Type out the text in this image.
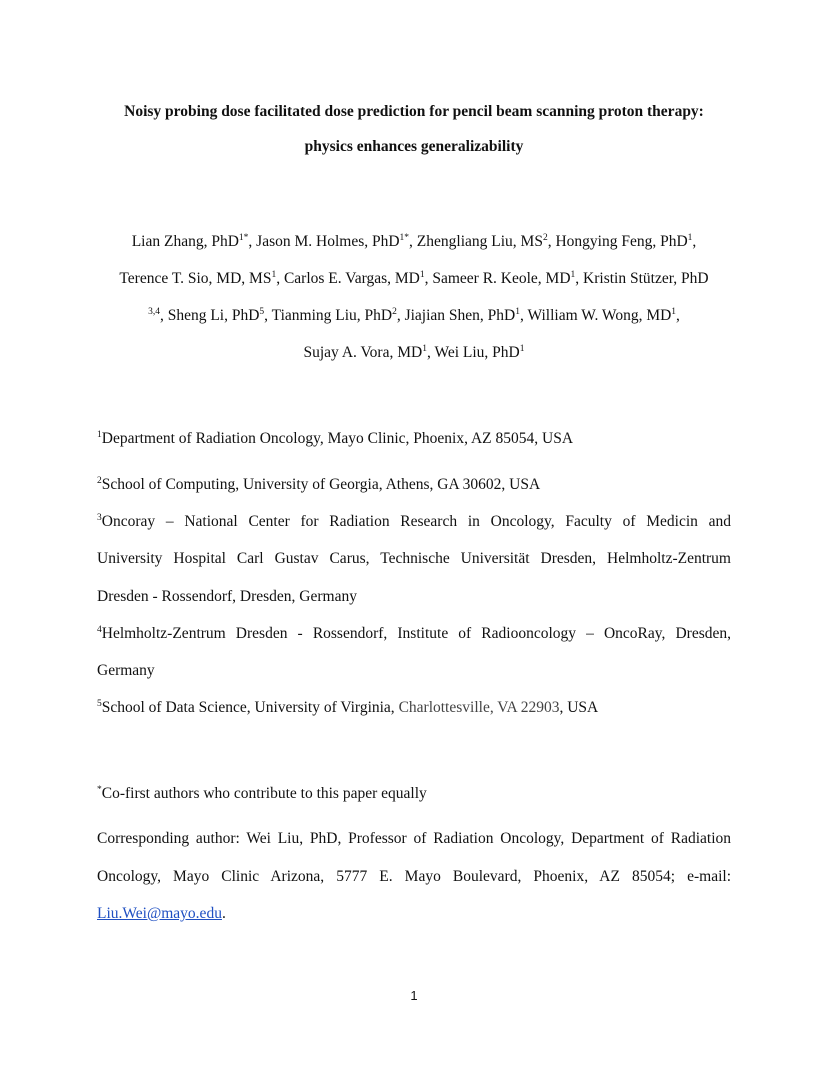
Noisy probing dose facilitated dose prediction for pencil beam scanning proton therapy:
physics enhances generalizability
Lian Zhang, PhD$^{1*}$, Jason M. Holmes, PhD$^{1*}$, Zhengliang Liu, $MS^2$, Hongying Feng, PhD$^1$,
Terence T. Sio, MD, $MS^1$, Carlos E. Vargas, $MD^1$, Sameer R. Keole, $MD^1$, Kristin Stützer, PhD
$^{3,4}$, Sheng Li, PhD$^5$, Tianming Liu, PhD$^2$, Jiajian Shen, PhD$^1$, William W. Wong, $MD^1$,
Sujay A. Vora, $MD^1$, Wei Liu, PhD$^1$
$^1$Department of Radiation Oncology, Mayo Clinic, Phoenix, AZ 85054, USA
$^2$School of Computing, University of Georgia, Athens, GA 30602, USA
$^3$Oncoray – National Center for Radiation Research in Oncology, Faculty of Medicin and
University Hospital Carl Gustav Carus, Technische Universität Dresden, Helmholtz-Zentrum
Dresden - Rossendorf, Dresden, Germany
$^4$Helmholtz-Zentrum Dresden - Rossendorf, Institute of Radiooncology – OncoRay, Dresden,
Germany
$^5$School of Data Science, University of Virginia, Charlottesville, VA 22903, USA
*Co-first authors who contribute to this paper equally
Corresponding author: Wei Liu, PhD, Professor of Radiation Oncology, Department of Radiation
Oncology, Mayo Clinic Arizona, 5777 E. Mayo Boulevard, Phoenix, AZ 85054; e-mail:
Liu.Wei@mayo.edu.
1
